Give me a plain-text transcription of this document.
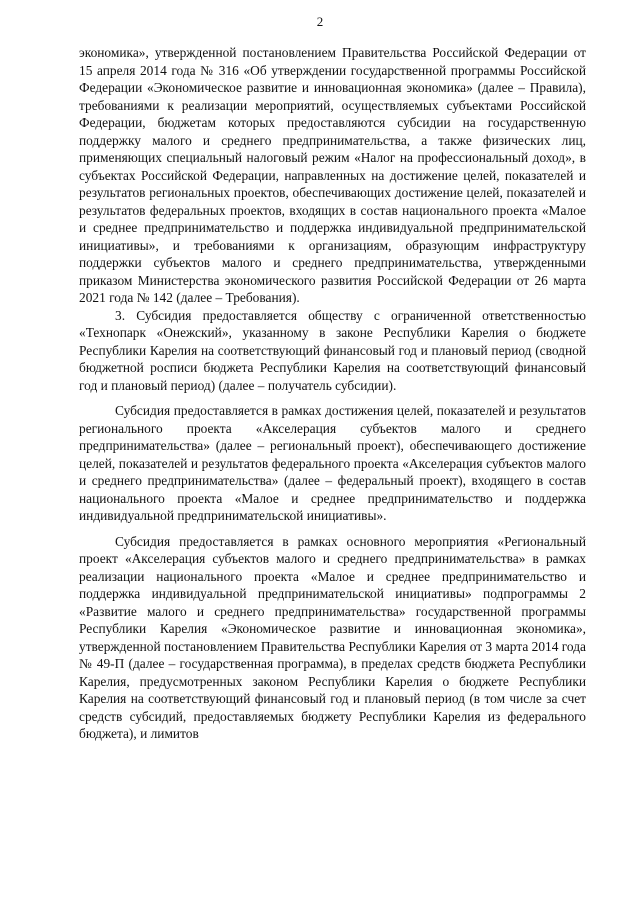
2

экономика», утвержденной постановлением Правительства Российской Федерации от 15 апреля 2014 года № 316 «Об утверждении государственной программы Российской Федерации «Экономическое развитие и инновационная экономика» (далее – Правила), требованиями к реализации мероприятий, осуществляемых субъектами Российской Федерации, бюджетам которых предоставляются субсидии на государственную поддержку малого и среднего предпринимательства, а также физических лиц, применяющих специальный налоговый режим «Налог на профессиональный доход», в субъектах Российской Федерации, направленных на достижение целей, показателей и результатов региональных проектов, обеспечивающих достижение целей, показателей и результатов федеральных проектов, входящих в состав национального проекта «Малое и среднее предпринимательство и поддержка индивидуальной предпринимательской инициативы», и требованиями к организациям, образующим инфраструктуру поддержки субъектов малого и среднего предпринимательства, утвержденными приказом Министерства экономического развития Российской Федерации от 26 марта 2021 года № 142 (далее – Требования).

3. Субсидия предоставляется обществу с ограниченной ответственностью «Технопарк «Онежский», указанному в законе Республики Карелия о бюджете Республики Карелия на соответствующий финансовый год и плановый период (сводной бюджетной росписи бюджета Республики Карелия на соответствующий финансовый год и плановый период) (далее – получатель субсидии).

Субсидия предоставляется в рамках достижения целей, показателей и результатов регионального проекта «Акселерация субъектов малого и среднего предпринимательства» (далее – региональный проект), обеспечивающего достижение целей, показателей и результатов федерального проекта «Акселерация субъектов малого и среднего предпринимательства» (далее – федеральный проект), входящего в состав национального проекта «Малое и среднее предпринимательство и поддержка индивидуальной предпринимательской инициативы».

Субсидия предоставляется в рамках основного мероприятия «Региональный проект «Акселерация субъектов малого и среднего предпринимательства» в рамках реализации национального проекта «Малое и среднее предпринимательство и поддержка индивидуальной предпринимательской инициативы» подпрограммы 2 «Развитие малого и среднего предпринимательства» государственной программы Республики Карелия «Экономическое развитие и инновационная экономика», утвержденной постановлением Правительства Республики Карелия от 3 марта 2014 года № 49-П (далее – государственная программа), в пределах средств бюджета Республики Карелия, предусмотренных законом Республики Карелия о бюджете Республики Карелия на соответствующий финансовый год и плановый период (в том числе за счет средств субсидий, предоставляемых бюджету Республики Карелия из федерального бюджета), и лимитов
